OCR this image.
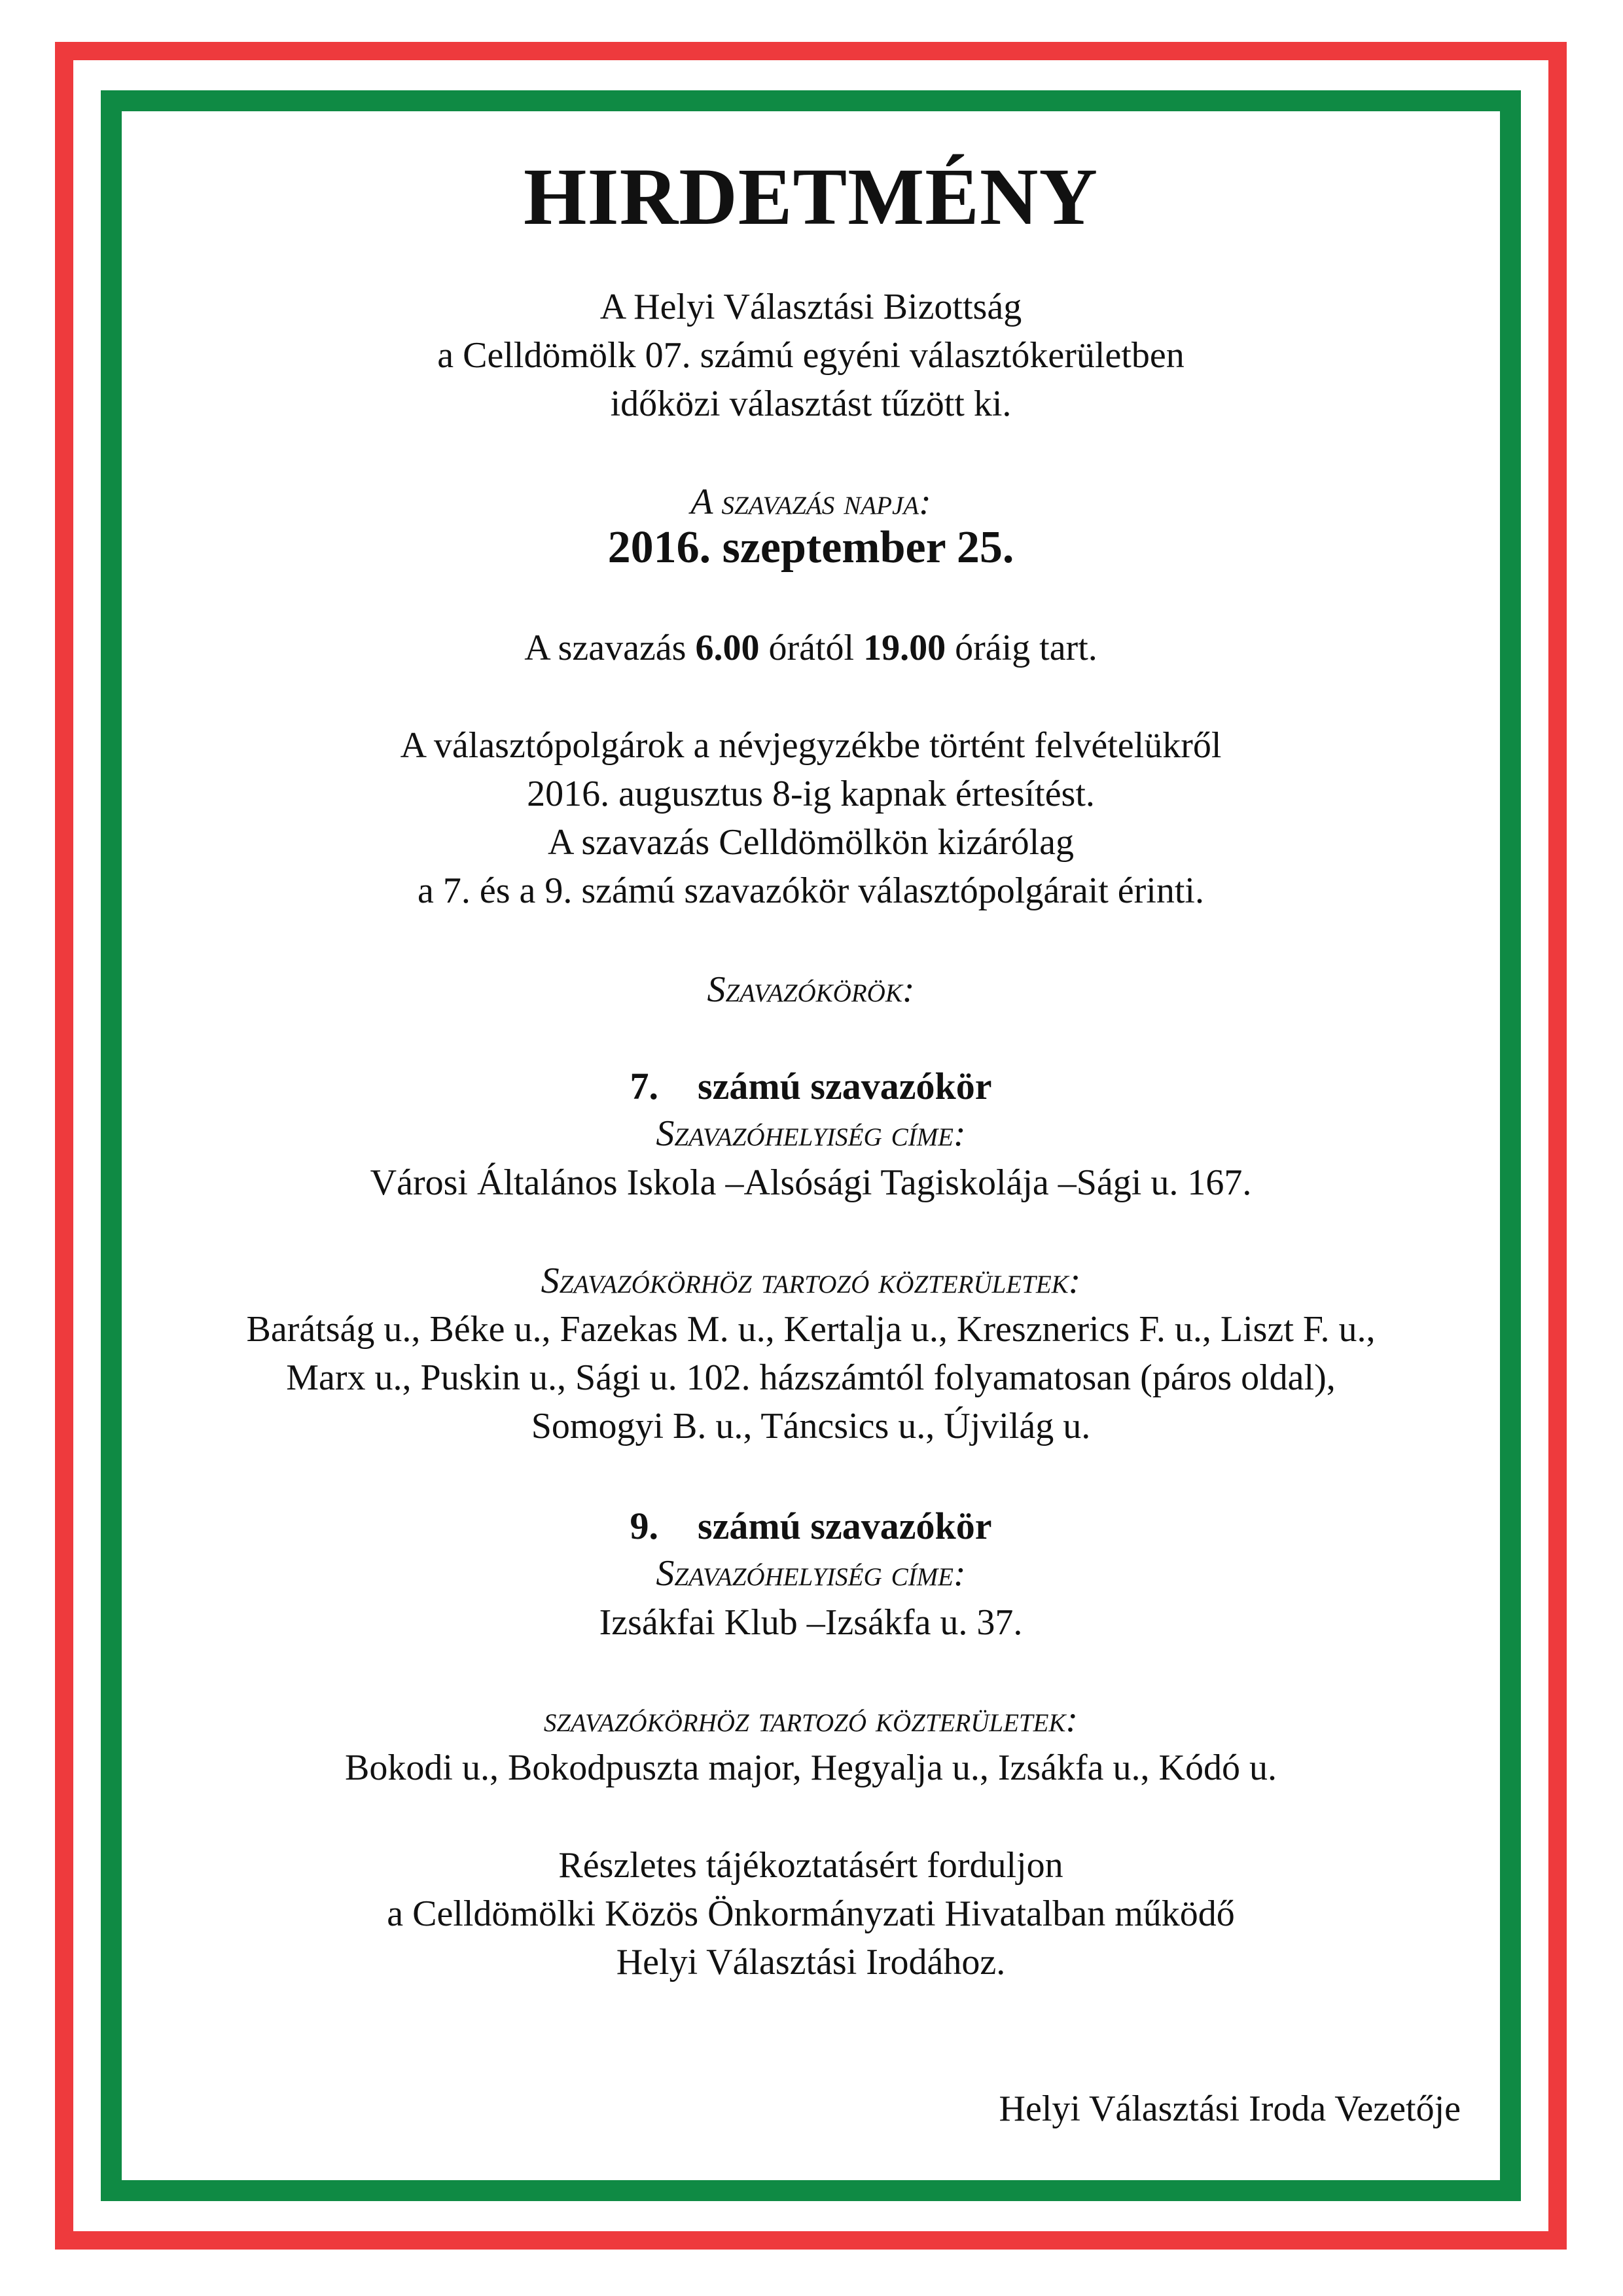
HIRDETMÉNY

A Helyi Választási Bizottság

a Celldömölk 07. számú egyéni választókerületben

időközi választást tűzött ki.

A szavazás napja:

2016. szeptember 25.

A szavazás 6.00 órától 19.00 óráig tart.

A választópolgárok a névjegyzékbe történt felvételükről

2016. augusztus 8-ig kapnak értesítést.

A szavazás Celldömölkön kizárólag

a 7. és a 9. számú szavazókör választópolgárait érinti.

Szavazókörök:

7. számú szavazókör

Szavazóhelyiség címe:

Városi Általános Iskola –Alsósági Tagiskolája –Sági u. 167.

Szavazókörhöz tartozó közterületek:

Barátság u., Béke u., Fazekas M. u., Kertalja u., Kresznerics F. u., Liszt F. u.,

Marx u., Puskin u., Sági u. 102. házszámtól folyamatosan (páros oldal),

Somogyi B. u., Táncsics u., Újvilág u.

9. számú szavazókör

Szavazóhelyiség címe:

Izsákfai Klub –Izsákfa u. 37.

szavazókörhöz tartozó közterületek:

Bokodi u., Bokodpuszta major, Hegyalja u., Izsákfa u., Kódó u.

Részletes tájékoztatásért forduljon

a Celldömölki Közös Önkormányzati Hivatalban működő

Helyi Választási Irodához.

Helyi Választási Iroda Vezetője
